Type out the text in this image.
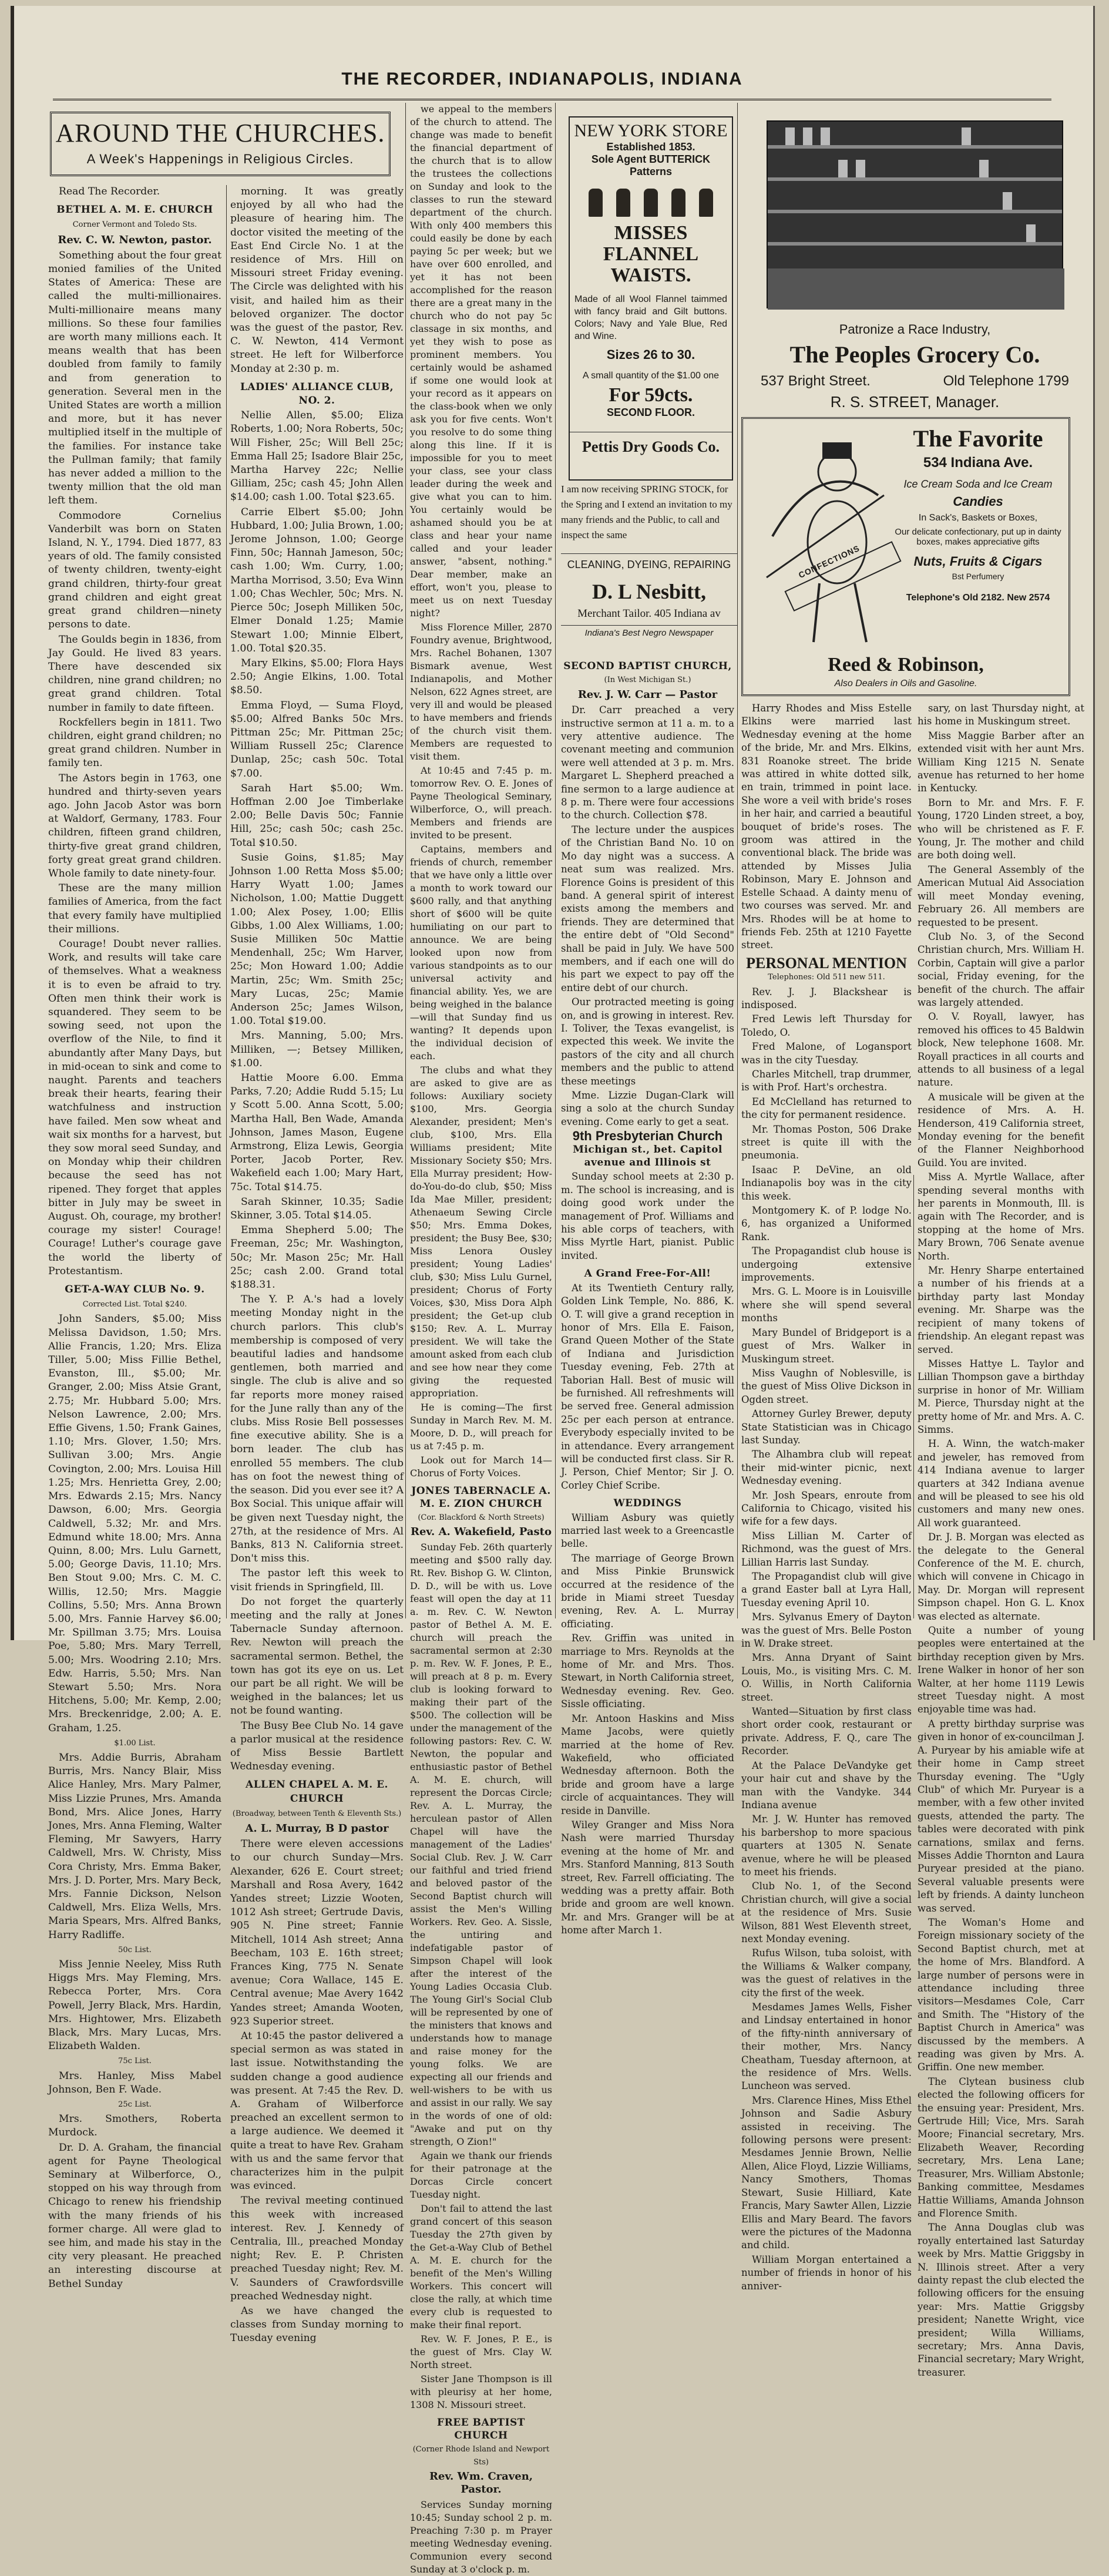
THE RECORDER, INDIANAPOLIS, INDIANA
AROUND THE CHURCHES.
A Week's Happenings in Religious Circles.

Read The Recorder.

BETHEL A. M. E. CHURCH
Corner Vermont and Toledo Sts.
Rev. C. W. Newton, pastor.

Something about the four great monied families of the United States of America: These are called the multi-millionaires. Multi-millionaire means many millions. So these four families are worth many millions each. It means wealth that has been doubled from family to family and from generation to generation. Several men in the United States are worth a million and more, but it has never multiplied itself in the multiple of the families. For instance take the Pullman family; that family has never added a million to the twenty million that the old man left them.

Commodore Cornelius Vanderbilt was born on Staten Island, N. Y., 1794. Died 1877, 83 years of old. The family consisted of twenty children, twenty-eight grand children, thirty-four great grand children and eight great great grand children—ninety persons to date.

The Goulds begin in 1836, from Jay Gould. He lived 83 years. There have descended six children, nine grand children; no great grand children. Total number in family to date fifteen.

Rockfellers begin in 1811. Two children, eight grand children; no great grand children. Number in family ten.

The Astors begin in 1763, one hundred and thirty-seven years ago. John Jacob Astor was born at Waldorf, Germany, 1783. Four children, fifteen grand children, thirty-five great grand children, forty great great grand children. Whole family to date ninety-four.

These are the many million families of America, from the fact that every family have multiplied their millions.

Courage! Doubt never rallies. Work, and results will take care of themselves. What a weakness it is to even be afraid to try. Often men think their work is squandered. They seem to be sowing seed, not upon the overflow of the Nile, to find it abundantly after Many Days, but in mid-ocean to sink and come to naught. Parents and teachers break their hearts, fearing their watchfulness and instruction have failed. Men sow wheat and wait six months for a harvest, but they sow moral seed Sunday, and on Monday whip their children because the seed has not ripened. They forget that apples bitter in July may be sweet in August. Oh, courage, my brother! courage my sister! Courage! Courage! Luther's courage gave the world the liberty of Protestantism.

GET-A-WAY CLUB No. 9.
Corrected List. Total $240.

John Sanders, $5.00; Miss Melissa Davidson, 1.50; Mrs. Allie Francis, 1.20; Mrs. Eliza Tiller, 5.00; Miss Fillie Bethel, Evanston, Ill., $5.00; Mr. Granger, 2.00; Miss Atsie Grant, 2.75; Mr. Hubbard 5.00; Mrs. Nelson Lawrence, 2.00; Mrs. Effie Givens, 1.50; Frank Gaines, 1.10; Mrs. Glover, 1.50; Mrs. Sullivan 3.00; Mrs. Angie Covington, 2.00; Mrs. Louisa Hill 1.25; Mrs. Henrietta Grey, 2.00; Mrs. Edwards 2.15; Mrs. Nancy Dawson, 6.00; Mrs. Georgia Caldwell, 5.32; Mr. and Mrs. Edmund white 18.00; Mrs. Anna Quinn, 8.00; Mrs. Lulu Garnett, 5.00; George Davis, 11.10; Mrs. Ben Stout 9.00; Mrs. C. M. C. Willis, 12.50; Mrs. Maggie Collins, 5.50; Mrs. Anna Brown 5.00, Mrs. Fannie Harvey $6.00; Mr. Spillman 3.75; Mrs. Louisa Poe, 5.80; Mrs. Mary Terrell, 5.00; Mrs. Woodring 2.10; Mrs. Edw. Harris, 5.50; Mrs. Nan Stewart 5.50; Mrs. Nora Hitchens, 5.00; Mr. Kemp, 2.00; Mrs. Breckenridge, 2.00; A. E. Graham, 1.25.

$1.00 List.

Mrs. Addie Burris, Abraham Burris, Mrs. Nancy Blair, Miss Alice Hanley, Mrs. Mary Palmer, Miss Lizzie Prunes, Mrs. Amanda Bond, Mrs. Alice Jones, Harry Jones, Mrs. Anna Fleming, Walter Fleming, Mr Sawyers, Harry Caldwell, Mrs. W. Christy, Miss Cora Christy, Mrs. Emma Baker, Mrs. J. D. Porter, Mrs. Mary Beck, Mrs. Fannie Dickson, Nelson Caldwell, Mrs. Eliza Wells, Mrs. Maria Spears, Mrs. Alfred Banks, Harry Radliffe.

50c List.

Miss Jennie Neeley, Miss Ruth Higgs Mrs. May Fleming, Mrs. Rebecca Porter, Mrs. Cora Powell, Jerry Black, Mrs. Hardin, Mrs. Hightower, Mrs. Elizabeth Black, Mrs. Mary Lucas, Mrs. Elizabeth Walden.

75c List.

Mrs. Hanley, Miss Mabel Johnson, Ben F. Wade.

25c List.

Mrs. Smothers, Roberta Murdock.

Dr. D. A. Graham, the financial agent for Payne Theological Seminary at Wilberforce, O., stopped on his way through from Chicago to renew his friendship with the many friends of his former charge. All were glad to see him, and made his stay in the city very pleasant. He preached an interesting discourse at Bethel Sunday

morning. It was greatly enjoyed by all who had the pleasure of hearing him. The doctor visited the meeting of the East End Circle No. 1 at the residence of Mrs. Hill on Missouri street Friday evening. The Circle was delighted with his visit, and hailed him as their beloved organizer. The doctor was the guest of the pastor, Rev. C. W. Newton, 414 Vermont street. He left for Wilberforce Monday at 2:30 p. m.

LADIES' ALLIANCE CLUB, NO. 2.

Nellie Allen, $5.00; Eliza Roberts, 1.00; Nora Roberts, 50c; Will Fisher, 25c; Will Bell 25c; Emma Hall 25; Isadore Blair 25c, Martha Harvey 22c; Nellie Gilliam, 25c; cash 45; John Allen $14.00; cash 1.00. Total $23.65.

Carrie Elbert $5.00; John Hubbard, 1.00; Julia Brown, 1.00; Jerome Johnson, 1.00; George Finn, 50c; Hannah Jameson, 50c; cash 1.00; Wm. Curry, 1.00; Martha Morrisod, 3.50; Eva Winn 1.00; Chas Wechler, 50c; Mrs. N. Pierce 50c; Joseph Milliken 50c, Elmer Donald 1.25; Mamie Stewart 1.00; Minnie Elbert, 1.00. Total $20.35.

Mary Elkins, $5.00; Flora Hays 2.50; Angie Elkins, 1.00. Total $8.50.

Emma Floyd, — Suma Floyd, $5.00; Alfred Banks 50c Mrs. Pittman 25c; Mr. Pittman 25c; William Russell 25c; Clarence Dunlap, 25c; cash 50c. Total $7.00.

Sarah Hart $5.00; Wm. Hoffman 2.00 Joe Timberlake 2.00; Belle Davis 50c; Fannie Hill, 25c; cash 50c; cash 25c. Total $10.50.

Susie Goins, $1.85; May Johnson 1.00 Retta Moss $5.00; Harry Wyatt 1.00; James Nicholson, 1.00; Mattie Duggett 1.00; Alex Posey, 1.00; Ellis Gibbs, 1.00 Alex Williams, 1.00; Susie Milliken 50c Mattie Mendenhall, 25c; Wm Harver, 25c; Mon Howard 1.00; Addie Martin, 25c; Wm. Smith 25c; Mary Lucas, 25c; Mamie Anderson 25c; James Wilson, 1.00. Total $19.00.

Mrs. Manning, 5.00; Mrs. Milliken, —; Betsey Milliken, $1.00.

Hattie Moore 6.00. Emma Parks, 7.20; Addie Rudd 5.15; Lu y Scott 5.00. Anna Scott, 5.00; Martha Hall, Ben Wade, Amanda Johnson, James Mason, Eugene Armstrong, Eliza Lewis, Georgia Porter, Jacob Porter, Rev. Wakefield each 1.00; Mary Hart, 75c. Total $14.75.

Sarah Skinner, 10.35; Sadie Skinner, 3.05. Total $14.05.

Emma Shepherd 5.00; The Freeman, 25c; Mr. Washington, 50c; Mr. Mason 25c; Mr. Hall 25c; cash 2.00. Grand total $188.31.

The Y. P. A.'s had a lovely meeting Monday night in the church parlors. This club's membership is composed of very beautiful ladies and handsome gentlemen, both married and single. The club is alive and so far reports more money raised for the June rally than any of the clubs. Miss Rosie Bell possesses fine executive ability. She is a born leader. The club has enrolled 55 members. The club has on foot the newest thing of the season. Did you ever see it? A Box Social. This unique affair will be given next Tuesday night, the 27th, at the residence of Mrs. Al Banks, 813 N. California street. Don't miss this.

The pastor left this week to visit friends in Springfield, Ill.

Do not forget the quarterly meeting and the rally at Jones Tabernacle Sunday afternoon. Rev. Newton will preach the sacramental sermon. Bethel, the town has got its eye on us. Let our part be all right. We will be weighed in the balances; let us not be found wanting.

The Busy Bee Club No. 14 gave a parlor musical at the residence of Miss Bessie Bartlett Wednesday evening.

ALLEN CHAPEL A. M. E. CHURCH
(Broadway, between Tenth & Eleventh Sts.)
A. L. Murray, B D pastor

There were eleven accessions to our church Sunday—Mrs. Alexander, 626 E. Court street; Marshall and Rosa Avery, 1642 Yandes street; Lizzie Wooten, 1012 Ash street; Gertrude Davis, 905 N. Pine street; Fannie Mitchell, 1014 Ash street; Anna Beecham, 103 E. 16th street; Frances King, 775 N. Senate avenue; Cora Wallace, 145 E. Central avenue; Mae Avery 1642 Yandes street; Amanda Wooten, 923 Superior street.

At 10:45 the pastor delivered a special sermon as was stated in last issue. Notwithstanding the sudden change a good audience was present. At 7:45 the Rev. D. A. Graham of Wilberforce preached an excellent sermon to a large audience. We deemed it quite a treat to have Rev. Graham with us and the same fervor that characterizes him in the pulpit was evinced.

The revival meeting continued this week with increased interest. Rev. J. Kennedy of Centralia, Ill., preached Monday night; Rev. E. P. Christen preached Tuesday night; Rev. M. V. Saunders of Crawfordsville preached Wednesday night.

As we have changed the classes from Sunday morning to Tuesday evening

we appeal to the members of the church to attend. The change was made to benefit the financial department of the church that is to allow the trustees the collections on Sunday and look to the classes to run the steward department of the church. With only 400 members this could easily be done by each paying 5c per week; but we have over 600 enrolled, and yet it has not been accomplished for the reason there are a great many in the church who do not pay 5c classage in six months, and yet they wish to pose as prominent members. You certainly would be ashamed if some one would look at your record as it appears on the class-book when we only ask you for five cents. Won't you resolve to do some thing along this line. If it is impossible for you to meet your class, see your class leader during the week and give what you can to him. You certainly would be ashamed should you be at class and hear your name called and your leader answer, "absent, nothing." Dear member, make an effort, won't you, please to meet us on next Tuesday night?

Miss Florence Miller, 2870 Foundry avenue, Brightwood, Mrs. Rachel Bohanen, 1307 Bismark avenue, West Indianapolis, and Mother Nelson, 622 Agnes street, are very ill and would be pleased to have members and friends of the church visit them. Members are requested to visit them.

At 10:45 and 7:45 p. m. tomorrow Rev. O. E. Jones of Payne Theological Seminary, Wilberforce, O., will preach. Members and friends are invited to be present.

Captains, members and friends of church, remember that we have only a little over a month to work toward our $600 rally, and that anything short of $600 will be quite humiliating on our part to announce. We are being looked upon now from various standpoints as to our universal activity and financial ability. Yes, we are being weighed in the balance—will that Sunday find us wanting? It depends upon the individual decision of each.

The clubs and what they are asked to give are as follows: Auxiliary society $100, Mrs. Georgia Alexander, president; Men's club, $100, Mrs. Ella Williams president; Mite Missionary Society $50; Mrs. Ella Murray president; How-do-You-do-do club, $50; Miss Ida Mae Miller, president; Athenaeum Sewing Circle $50; Mrs. Emma Dokes, president; the Busy Bee, $30; Miss Lenora Ousley president; Young Ladies' club, $30; Miss Lulu Gurnel, president; Chorus of Forty Voices, $30, Miss Dora Alph president; the Get-up club $150; Rev. A. L. Murray president. We will take the amount asked from each club and see how near they come giving the requested appropriation.

He is coming—The first Sunday in March Rev. M. M. Moore, D. D., will preach for us at 7:45 p. m.

Look out for March 14—Chorus of Forty Voices.

JONES TABERNACLE A. M. E. ZION CHURCH
(Cor. Blackford & North Streets)
Rev. A. Wakefield, Pasto

Sunday Feb. 26th quarterly meeting and $500 rally day. Rt. Rev. Bishop G. W. Clinton, D. D., will be with us. Love feast will open the day at 11 a. m. Rev. C. W. Newton pastor of Bethel A. M. E. church will preach the sacramental sermon at 2:30 p. m. Rev. W. F. Jones, P. E., will preach at 8 p. m. Every club is looking forward to making their part of the $500. The collection will be under the management of the following pastors: Rev. C. W. Newton, the popular and enthusiastic pastor of Bethel A. M. E. church, will represent the Dorcas Circle; Rev. A. L. Murray, the herculean pastor of Allen Chapel will have the management of the Ladies' Social Club. Rev. J. W. Carr our faithful and tried friend and beloved pastor of the Second Baptist church will assist the Men's Willing Workers. Rev. Geo. A. Sissle, the untiring and indefatigable pastor of Simpson Chapel will look after the interest of the Young Ladies Occasia Club. The Young Girl's Social Club will be represented by one of the ministers that knows and understands how to manage and raise money for the young folks. We are expecting all our friends and well-wishers to be with us and assist in our rally. We say in the words of one of old: "Awake and put on thy strength, O Zion!"

Again we thank our friends for their patronage at the Dorcas Circle concert Tuesday night.

Don't fail to attend the last grand concert of this season Tuesday the 27th given by the Get-a-Way Club of Bethel A. M. E. church for the benefit of the Men's Willing Workers. This concert will close the rally, at which time every club is requested to make their final report.

Rev. W. F. Jones, P. E., is the guest of Mrs. Clay W. North street.

Sister Jane Thompson is ill with pleurisy at her home, 1308 N. Missouri street.

FREE BAPTIST CHURCH
(Corner Rhode Island and Newport Sts)
Rev. Wm. Craven, Pastor.

Services Sunday morning 10:45; Sunday school 2 p. m. Preaching 7:30 p. m Prayer meeting Wednesday evening. Communion every second Sunday at 3 o'clock p. m.

NEW YORK STORE
Established 1853.
Sole Agent BUTTERICK Patterns
MISSES FLANNEL WAISTS.
Made of all Wool Flannel taimmed with fancy braid and Gilt buttons. Colors; Navy and Yale Blue, Red and Wine.
Sizes 26 to 30.
A small quantity of the $1.00 one
For 59cts.
SECOND FLOOR.
Pettis Dry Goods Co.

I am now receiving SPRING STOCK, for the Spring and I extend an invitation to my many friends and the Public, to call and inspect the same

CLEANING, DYEING, REPAIRING
D. L Nesbitt,
Merchant Tailor. 405 Indiana av
Indiana's Best Negro Newspaper
SECOND BAPTIST CHURCH,
(In West Michigan St.)
Rev. J. W. Carr — Pastor

Dr. Carr preached a very instructive sermon at 11 a. m. to a very attentive audience. The covenant meeting and communion were well attended at 3 p. m. Mrs. Margaret L. Shepherd preached a fine sermon to a large audience at 8 p. m. There were four accessions to the church. Collection $78.

The lecture under the auspices of the Christian Band No. 10 on Mo day night was a success. A neat sum was realized. Mrs. Florence Goins is president of this band. A general spirit of interest exists among the members and friends. They are determined that the entire debt of "Old Second" shall be paid in July. We have 500 members, and if each one will do his part we expect to pay off the entire debt of our church.

Our protracted meeting is going on, and is growing in interest. Rev. I. Toliver, the Texas evangelist, is expected this week. We invite the pastors of the city and all church members and the public to attend these meetings

Mme. Lizzie Dugan-Clark will sing a solo at the church Sunday evening. Come early to get a seat.

9th Presbyterian Church
Michigan st., bet. Capitol avenue and Illinois st

Sunday school meets at 2:30 p. m. The school is increasing, and is doing good work under the management of Prof. Williams and his able corps of teachers, with Miss Myrtle Hart, pianist. Public invited.

A Grand Free-For-All!

At its Twentieth Century rally, Golden Link Temple, No. 886, K. O. T. will give a grand reception in honor of Mrs. Ella E. Faison, Grand Queen Mother of the State of Indiana and Jurisdiction Tuesday evening, Feb. 27th at Taborian Hall. Best of music will be furnished. All refreshments will be served free. General admission 25c per each person at entrance. Everybody especially invited to be in attendance. Every arrangement will be conducted first class. Sir R. J. Person, Chief Mentor; Sir J. O. Corley Chief Scribe.

WEDDINGS

William Asbury was quietly married last week to a Greencastle belle.

The marriage of George Brown and Miss Pinkie Brunswick occurred at the residence of the bride in Miami street Tuesday evening, Rev. A. L. Murray officiating.

Rev. Griffin was united in marriage to Mrs. Reynolds at the home of Mr. and Mrs. Thos. Stewart, in North California street, Wednesday evening. Rev. Geo. Sissle officiating.

Mr. Antoon Haskins and Miss Mame Jacobs, were quietly married at the home of Rev. Wakefield, who officiated Wednesday afternoon. Both the bride and groom have a large circle of acquaintances. They will reside in Danville.

Wiley Granger and Miss Nora Nash were married Thursday evening at the home of Mr. and Mrs. Stanford Manning, 813 South street, Rev. Farrell officiating. The wedding was a pretty affair. Both bride and groom are well known. Mr. and Mrs. Granger will be at home after March 1.

Patronize a Race Industry,
The Peoples Grocery Co.
537 Bright Street.	Old Telephone 1799
R. S. STREET, Manager.
CONFECTIONS
The Favorite
534 Indiana Ave.
Ice Cream Soda and Ice Cream
Candies
In Sack's, Baskets or Boxes,
Our delicate confectionary, put up in dainty boxes, makes appreciative gifts
Nuts, Fruits & Cigars
Bst Perfumery
Telephone's Old 2182. New 2574
Reed & Robinson,
Also Dealers in Oils and Gasoline.

Harry Rhodes and Miss Estelle Elkins were married last Wednesday evening at the home of the bride, Mr. and Mrs. Elkins, 831 Roanoke street. The bride was attired in white dotted silk, en train, trimmed in point lace. She wore a veil with bride's roses in her hair, and carried a beautiful bouquet of bride's roses. The groom was attired in the conventional black. The bride was attended by Misses Julia Robinson, Mary E. Johnson and Estelle Schaad. A dainty menu of two courses was served. Mr. and Mrs. Rhodes will be at home to friends Feb. 25th at 1210 Fayette street.

PERSONAL MENTION
Telephones: Old 511 new 511.

Rev. J. J. Blackshear is indisposed.

Fred Lewis left Thursday for Toledo, O.

Fred Malone, of Logansport was in the city Tuesday.

Charles Mitchell, trap drummer, is with Prof. Hart's orchestra.

Ed McClelland has returned to the city for permanent residence.

Mr. Thomas Poston, 506 Drake street is quite ill with the pneumonia.

Isaac P. DeVine, an old Indianapolis boy was in the city this week.

Montgomery K. of P. lodge No. 6, has organized a Uniformed Rank.

The Propagandist club house is undergoing extensive improvements.

Mrs. G. L. Moore is in Louisville where she will spend several months

Mary Bundel of Bridgeport is a guest of Mrs. Walker in Muskingum street.

Miss Vaughn of Noblesville, is the guest of Miss Olive Dickson in Ogden street.

Attorney Gurley Brewer, deputy State Statistician was in Chicago last Sunday.

The Alhambra club will repeat their mid-winter picnic, next Wednesday evening.

Mr. Josh Spears, enroute from California to Chicago, visited his wife for a few days.

Miss Lillian M. Carter of Richmond, was the guest of Mrs. Lillian Harris last Sunday.

The Propagandist club will give a grand Easter ball at Lyra Hall, Tuesday evening April 10.

Mrs. Sylvanus Emery of Dayton was the guest of Mrs. Belle Poston in W. Drake street.

Mrs. Anna Dryant of Saint Louis, Mo., is visiting Mrs. C. M. O. Willis, in North California street.

Wanted—Situation by first class short order cook, restaurant or private. Address, F. Q., care The Recorder.

At the Palace DeVandyke get your hair cut and shave by the man with the Vandyke. 344 Indiana avenue

Mr. J. W. Hunter has removed his barbershop to more spacious quarters at 1305 N. Senate avenue, where he will be pleased to meet his friends.

Club No. 1, of the Second Christian church, will give a social at the residence of Mrs. Susie Wilson, 881 West Eleventh street, next Monday evening.

Rufus Wilson, tuba soloist, with the Williams & Walker company, was the guest of relatives in the city the first of the week.

Mesdames James Wells, Fisher and Lindsay entertained in honor of the fifty-ninth anniversary of their mother, Mrs. Nancy Cheatham, Tuesday afternoon, at the residence of Mrs. Wells. Luncheon was served.

Mrs. Clarence Hines, Miss Ethel Johnson and Sadie Asbury assisted in receiving. The following persons were present: Mesdames Jennie Brown, Nellie Allen, Alice Floyd, Lizzie Williams, Nancy Smothers, Thomas Stewart, Susie Hilliard, Kate Francis, Mary Sawter Allen, Lizzie Ellis and Mary Beard. The favors were the pictures of the Madonna and child.

William Morgan entertained a number of friends in honor of his anniver-

sary, on last Thursday night, at his home in Muskingum street.

Miss Maggie Barber after an extended visit with her aunt Mrs. William King 1215 N. Senate avenue has returned to her home in Kentucky.

Born to Mr. and Mrs. F. F. Young, 1720 Linden street, a boy, who will be christened as F. F. Young, Jr. The mother and child are both doing well.

The General Assembly of the American Mutual Aid Association will meet Monday evening, February 26. All members are requested to be present.

Club No. 3, of the Second Christian church, Mrs. William H. Corbin, Captain will give a parlor social, Friday evening, for the benefit of the church. The affair was largely attended.

O. V. Royall, lawyer, has removed his offices to 45 Baldwin block, New telephone 1608. Mr. Royall practices in all courts and attends to all business of a legal nature.

A musicale will be given at the residence of Mrs. A. H. Henderson, 419 California street, Monday evening for the benefit of the Flanner Neighborhood Guild. You are invited.

Miss A. Myrtle Wallace, after spending several months with her parents in Monmouth, Ill. is again with The Recorder, and is stopping at the home of Mrs. Mary Brown, 706 Senate avenue North.

Mr. Henry Sharpe entertained a number of his friends at a birthday party last Monday evening. Mr. Sharpe was the recipient of many tokens of friendship. An elegant repast was served.

Misses Hattye L. Taylor and Lillian Thompson gave a birthday surprise in honor of Mr. William M. Pierce, Thursday night at the pretty home of Mr. and Mrs. A. C. Simms.

H. A. Winn, the watch-maker and jeweler, has removed from 414 Indiana avenue to larger quarters at 342 Indiana avenue and will be pleased to see his old customers and many new ones. All work guaranteed.

Dr. J. B. Morgan was elected as the delegate to the General Conference of the M. E. church, which will convene in Chicago in May. Dr. Morgan will represent Simpson chapel. Hon G. L. Knox was elected as alternate.

Quite a number of young peoples were entertained at the birthday reception given by Mrs. Irene Walker in honor of her son Walter, at her home 1119 Lewis street Tuesday night. A most enjoyable time was had.

A pretty birthday surprise was given in honor of ex-councilman J. A. Puryear by his amiable wife at their home in Camp street Thursday evening. The "Ugly Club" of which Mr. Puryear is a member, with a few other invited guests, attended the party. The tables were decorated with pink carnations, smilax and ferns. Misses Addie Thornton and Laura Puryear presided at the piano. Several valuable presents were left by friends. A dainty luncheon was served.

The Woman's Home and Foreign missionary society of the Second Baptist church, met at the home of Mrs. Blandford. A large number of persons were in attendance including three visitors—Mesdames Cole, Carr and Smith. The "History of the Baptist Church in America" was discussed by the members. A reading was given by Mrs. A. Griffin. One new member.

The Clytean business club elected the following officers for the ensuing year: President, Mrs. Gertrude Hill; Vice, Mrs. Sarah Moore; Financial secretary, Mrs. Elizabeth Weaver, Recording secretary, Mrs. Lena Lane; Treasurer, Mrs. William Abstonle; Banking committee, Mesdames Hattie Williams, Amanda Johnson and Florence Smith.

The Anna Douglas club was royally entertained last Saturday week by Mrs. Mattie Griggsby in N. Illinois street. After a very dainty repast the club elected the following officers for the ensuing year: Mrs. Mattie Griggsby president; Nanette Wright, vice president; Willa Williams, secretary; Mrs. Anna Davis, Financial secretary; Mary Wright, treasurer.
